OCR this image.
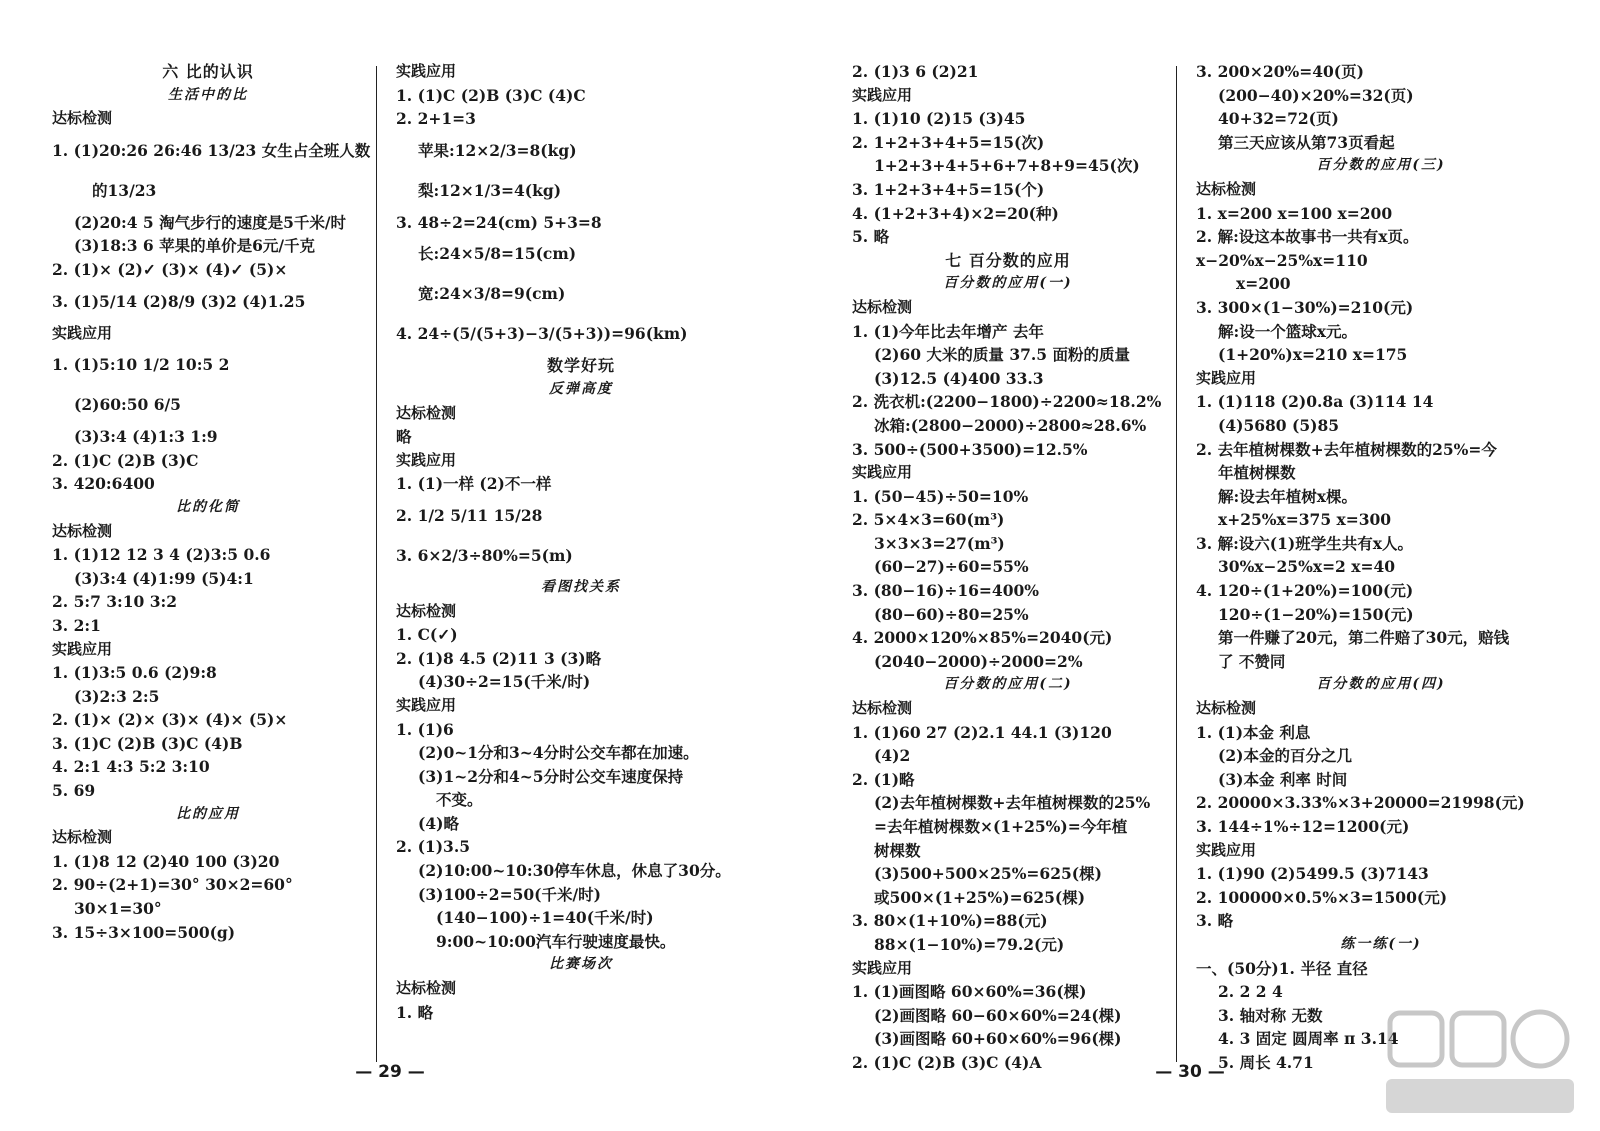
六 比的认识
生活中的比
达标检测
1. (1)20:26 26:46 13/23 女生占全班人数
的13/23
(2)20:4 5 淘气步行的速度是5千米/时
(3)18:3 6 苹果的单价是6元/千克
2. (1)× (2)✓ (3)× (4)✓ (5)×
3. (1)5/14 (2)8/9 (3)2 (4)1.25
实践应用
1. (1)5:10 1/2 10:5 2
(2)60:50 6/5
(3)3:4 (4)1:3 1:9
2. (1)C (2)B (3)C
3. 420:6400
比的化简
达标检测
1. (1)12 12 3 4 (2)3:5 0.6
(3)3:4 (4)1:99 (5)4:1
2. 5:7 3:10 3:2
3. 2:1
实践应用
1. (1)3:5 0.6 (2)9:8
(3)2:3 2:5
2. (1)× (2)× (3)× (4)× (5)×
3. (1)C (2)B (3)C (4)B
4. 2:1 4:3 5:2 3:10
5. 69
比的应用
达标检测
1. (1)8 12 (2)40 100 (3)20
2. 90÷(2+1)=30° 30×2=60°
30×1=30°
3. 15÷3×100=500(g)
实践应用
1. (1)C (2)B (3)C (4)C
2. 2+1=3
苹果:12×2/3=8(kg)
梨:12×1/3=4(kg)
3. 48÷2=24(cm) 5+3=8
长:24×5/8=15(cm)
宽:24×3/8=9(cm)
4. 24÷(5/(5+3)−3/(5+3))=96(km)
数学好玩
反弹高度
达标检测
略
实践应用
1. (1)一样 (2)不一样
2. 1/2 5/11 15/28
3. 6×2/3÷80%=5(m)
看图找关系
达标检测
1. C(✓)
2. (1)8 4.5 (2)11 3 (3)略
(4)30÷2=15(千米/时)
实践应用
1. (1)6
(2)0~1分和3~4分时公交车都在加速。
(3)1~2分和4~5分时公交车速度保持
不变。
(4)略
2. (1)3.5
(2)10:00~10:30停车休息，休息了30分。
(3)100÷2=50(千米/时)
(140−100)÷1=40(千米/时)
9:00~10:00汽车行驶速度最快。
比赛场次
达标检测
1. 略
— 29 —
2. (1)3 6 (2)21
实践应用
1. (1)10 (2)15 (3)45
2. 1+2+3+4+5=15(次)
1+2+3+4+5+6+7+8+9=45(次)
3. 1+2+3+4+5=15(个)
4. (1+2+3+4)×2=20(种)
5. 略
七 百分数的应用
百分数的应用(一)
达标检测
1. (1)今年比去年增产 去年
(2)60 大米的质量 37.5 面粉的质量
(3)12.5 (4)400 33.3
2. 洗衣机:(2200−1800)÷2200≈18.2%
冰箱:(2800−2000)÷2800≈28.6%
3. 500÷(500+3500)=12.5%
实践应用
1. (50−45)÷50=10%
2. 5×4×3=60(m³)
3×3×3=27(m³)
(60−27)÷60=55%
3. (80−16)÷16=400%
(80−60)÷80=25%
4. 2000×120%×85%=2040(元)
(2040−2000)÷2000=2%
百分数的应用(二)
达标检测
1. (1)60 27 (2)2.1 44.1 (3)120
(4)2
2. (1)略
(2)去年植树棵数+去年植树棵数的25%
=去年植树棵数×(1+25%)=今年植
树棵数
(3)500+500×25%=625(棵)
或500×(1+25%)=625(棵)
3. 80×(1+10%)=88(元)
88×(1−10%)=79.2(元)
实践应用
1. (1)画图略 60×60%=36(棵)
(2)画图略 60−60×60%=24(棵)
(3)画图略 60+60×60%=96(棵)
2. (1)C (2)B (3)C (4)A
3. 200×20%=40(页)
(200−40)×20%=32(页)
40+32=72(页)
第三天应该从第73页看起
百分数的应用(三)
达标检测
1. x=200 x=100 x=200
2. 解:设这本故事书一共有x页。
x−20%x−25%x=110
x=200
3. 300×(1−30%)=210(元)
解:设一个篮球x元。
(1+20%)x=210 x=175
实践应用
1. (1)118 (2)0.8a (3)114 14
(4)5680 (5)85
2. 去年植树棵数+去年植树棵数的25%=今
年植树棵数
解:设去年植树x棵。
x+25%x=375 x=300
3. 解:设六(1)班学生共有x人。
30%x−25%x=2 x=40
4. 120÷(1+20%)=100(元)
120÷(1−20%)=150(元)
第一件赚了20元，第二件赔了30元，赔钱
了 不赞同
百分数的应用(四)
达标检测
1. (1)本金 利息
(2)本金的百分之几
(3)本金 利率 时间
2. 20000×3.33%×3+20000=21998(元)
3. 144÷1%÷12=1200(元)
实践应用
1. (1)90 (2)5499.5 (3)7143
2. 100000×0.5%×3=1500(元)
3. 略
练一练(一)
一、(50分)1. 半径 直径
2. 2 2 4
3. 轴对称 无数
4. 3 固定 圆周率 π 3.14
5. 周长 4.71
— 30 —
